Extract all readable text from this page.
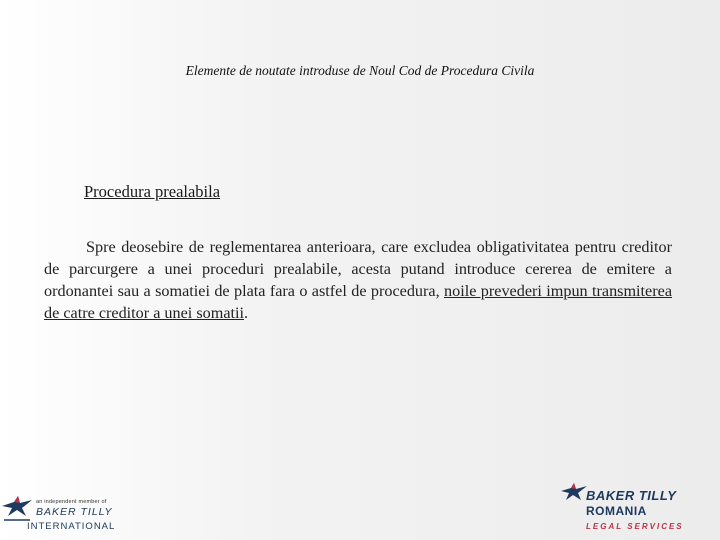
Elemente de noutate introduse de Noul Cod de Procedura Civila
Procedura prealabila
Spre deosebire de reglementarea anterioara, care excludea obligativitatea pentru creditor de parcurgere a unei proceduri prealabile, acesta putand introduce cererea de emitere a ordonantei sau a somatiei de plata fara o astfel de procedura, noile prevederi impun transmiterea de catre creditor a unei somatii.
an independent member of
BAKER TILLY
INTERNATIONAL
BAKER TILLY
ROMANIA
LEGAL SERVICES
